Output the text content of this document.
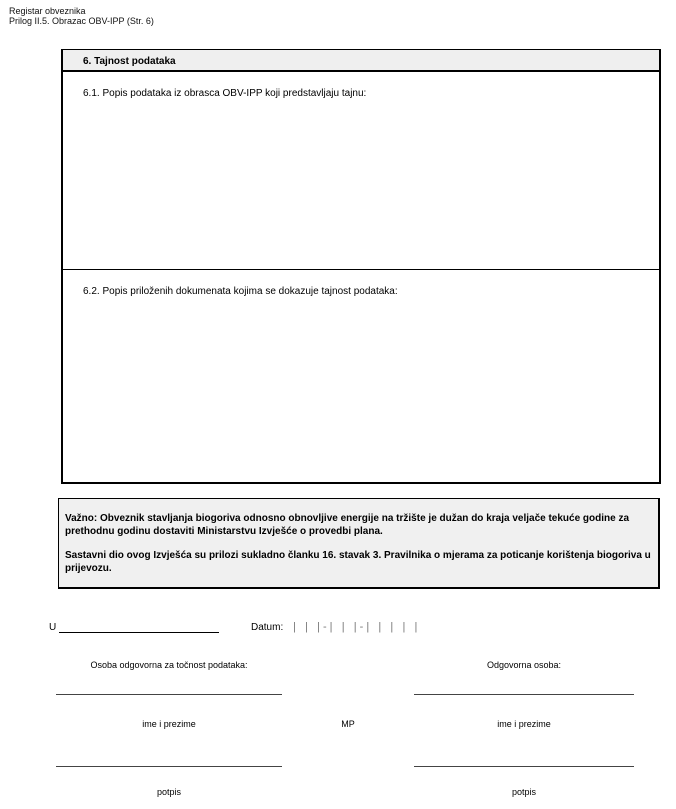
Registar obveznika
Prilog II.5. Obrazac OBV-IPP (Str. 6)
6. Tajnost podataka
6.1. Popis podataka iz obrasca OBV-IPP koji predstavljaju tajnu:
6.2. Popis priloženih dokumenata kojima se dokazuje tajnost podataka:

Važno: Obveznik stavljanja biogoriva odnosno obnovljive energije na tržište je dužan do kraja veljače tekuće godine za prethodnu godinu dostaviti Ministarstvu Izvješće o provedbi plana.

Sastavni dio ovog Izvješća su prilozi sukladno članku 16. stavak 3. Pravilnika o mjerama za poticanje korištenja biogoriva u prijevozu.

U	Datum: |   |   | - |   |   | - |   |   |   |   |
Osoba odgovorna za točnost podataka:	Odgovorna osoba:
ime i prezime	MP	ime i prezime
potpis	potpis
